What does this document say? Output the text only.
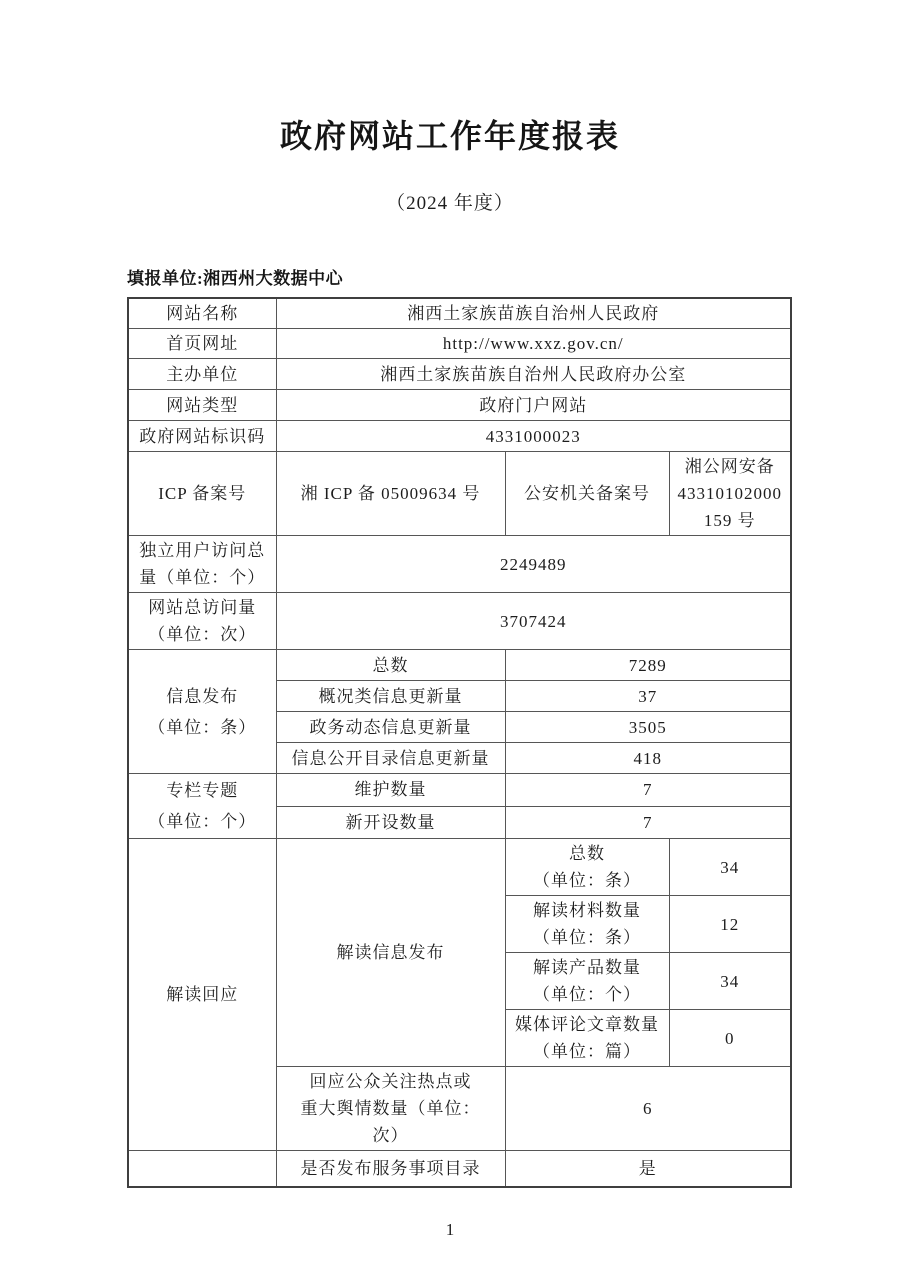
政府网站工作年度报表
（2024 年度）
填报单位:湘西州大数据中心
网站名称	湘西土家族苗族自治州人民政府		
首页网址	http://www.xxz.gov.cn/		
主办单位	湘西土家族苗族自治州人民政府办公室		
网站类型	政府门户网站		
政府网站标识码	4331000023		
ICP 备案号	湘 ICP 备 05009634 号	公安机关备案号	湘公网安备
43310102000
159 号

独立用户访问总
量（单位：个）	2249489		

网站总访问量
（单位：次）	3707424		

信息发布
（单位：条）	总数	7289	
	概况类信息更新量	37	
	政务动态信息更新量	3505	
	信息公开目录信息更新量	418	

专栏专题
（单位：个）	维护数量	7	
	新开设数量	7	
解读回应	解读信息发布	总数
（单位：条）	34

		解读材料数量
（单位：条）	12

		解读产品数量
（单位：个）	34

		媒体评论文章数量
（单位：篇）	0

	回应公众关注热点或
重大舆情数量（单位：
次）	6	
	是否发布服务事项目录	是	
1
